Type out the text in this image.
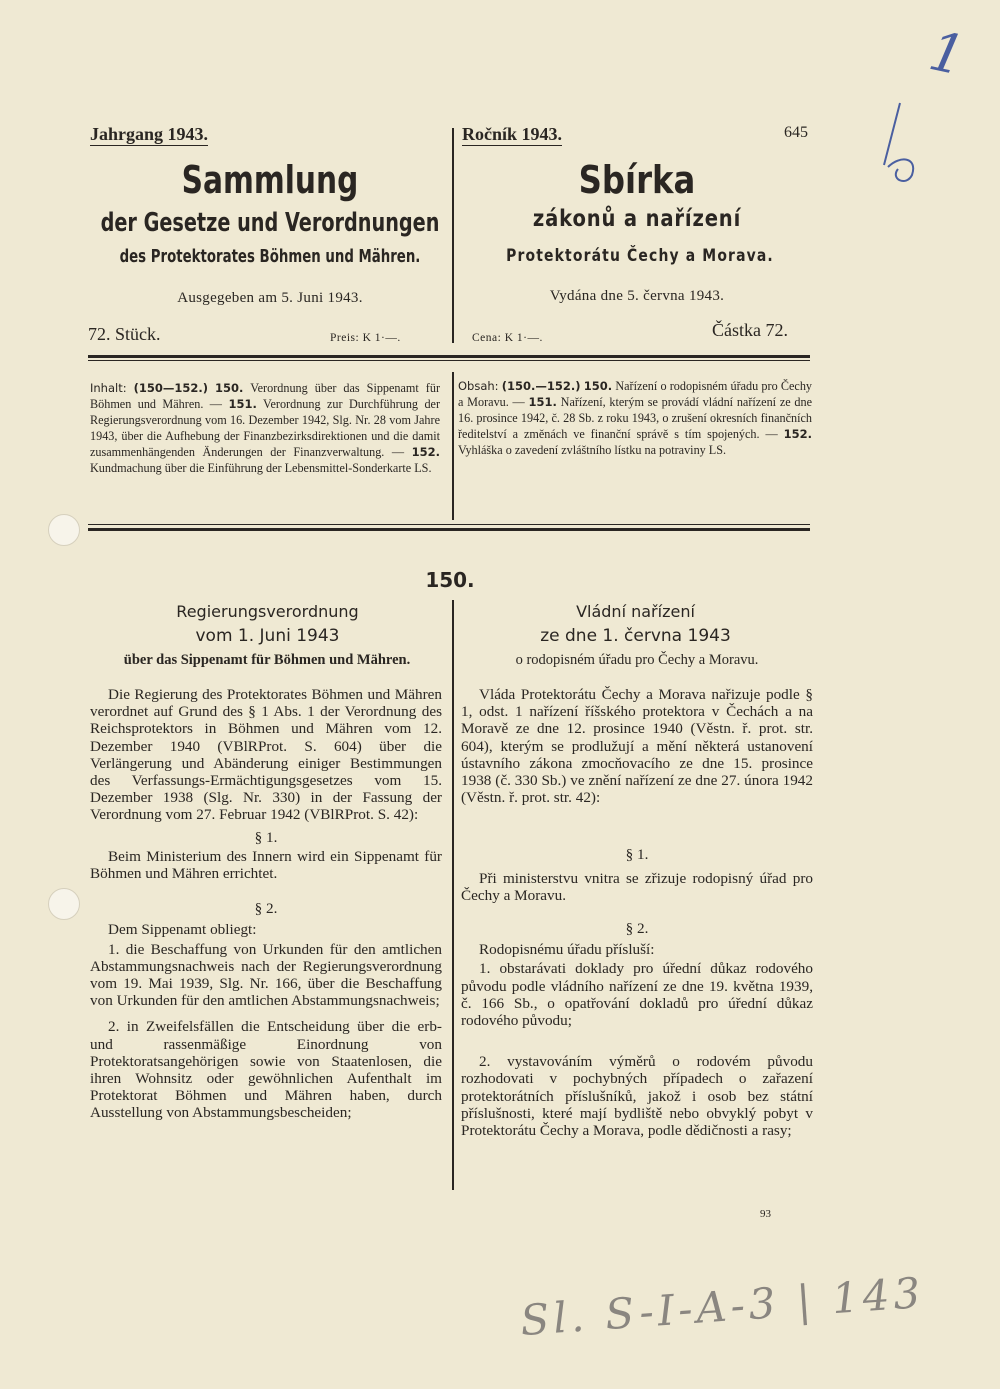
1
Jahrgang 1943.
Sammlung
der Gesetze und Verordnungen
des Protektorates Böhmen und Mähren.
Ausgegeben am 5. Juni 1943.
72. Stück.	Preis: K 1·—.
Ročník 1943.	645
Sbírka
zákonů a nařízení
Protektorátu Čechy a Morava.
Vydána dne 5. června 1943.
Cena: K 1·—.	Částka 72.
Inhalt: (150—152.) 150. Verordnung über das Sippenamt für Böhmen und Mähren. — 151. Verordnung zur Durchführung der Regierungsverordnung vom 16. Dezember 1942, Slg. Nr. 28 vom Jahre 1943, über die Aufhebung der Finanzbezirksdirektionen und die damit zusammenhängenden Änderungen der Finanzverwaltung. — 152. Kundmachung über die Einführung der Lebensmittel-Sonderkarte LS.
Obsah: (150.—152.) 150. Nařízení o rodopisném úřadu pro Čechy a Moravu. — 151. Nařízení, kterým se provádí vládní nařízení ze dne 16. prosince 1942, č. 28 Sb. z roku 1943, o zrušení okresních finančních ředitelství a změnách ve finanční správě s tím spojených. — 152. Vyhláška o zavedení zvláštního lístku na potraviny LS.
150.
Regierungsverordnung
vom 1. Juni 1943
über das Sippenamt für Böhmen und Mähren.

Die Regierung des Protektorates Böhmen und Mähren verordnet auf Grund des § 1 Abs. 1 der Verordnung des Reichsprotektors in Böhmen und Mähren vom 12. Dezember 1940 (VBlRProt. S. 604) über die Verlängerung und Abänderung einiger Bestimmungen des Verfassungs-Ermächtigungsgesetzes vom 15. Dezember 1938 (Slg. Nr. 330) in der Fassung der Verordnung vom 27. Februar 1942 (VBlRProt. S. 42):

§ 1.

Beim Ministerium des Innern wird ein Sippenamt für Böhmen und Mähren errichtet.

§ 2.

Dem Sippenamt obliegt:

1. die Beschaffung von Urkunden für den amtlichen Abstammungsnachweis nach der Regierungsverordnung vom 19. Mai 1939, Slg. Nr. 166, über die Beschaffung von Urkunden für den amtlichen Abstammungsnachweis;

2. in Zweifelsfällen die Entscheidung über die erb- und rassenmäßige Einordnung von Protektoratsangehörigen sowie von Staatenlosen, die ihren Wohnsitz oder gewöhnlichen Aufenthalt im Protektorat Böhmen und Mähren haben, durch Ausstellung von Abstammungsbescheiden;

Vládní nařízení
ze dne 1. června 1943
o rodopisném úřadu pro Čechy a Moravu.

Vláda Protektorátu Čechy a Morava nařizuje podle § 1, odst. 1 nařízení říšského protektora v Čechách a na Moravě ze dne 12. prosince 1940 (Věstn. ř. prot. str. 604), kterým se prodlužují a mění některá ustanovení ústavního zákona zmocňovacího ze dne 15. prosince 1938 (č. 330 Sb.) ve znění nařízení ze dne 27. února 1942 (Věstn. ř. prot. str. 42):

§ 1.

Při ministerstvu vnitra se zřizuje rodopisný úřad pro Čechy a Moravu.

§ 2.

Rodopisnému úřadu přísluší:

1. obstarávati doklady pro úřední důkaz rodového původu podle vládního nařízení ze dne 19. května 1939, č. 166 Sb., o opatřování dokladů pro úřední důkaz rodového původu;

2. vystavováním výměrů o rodovém původu rozhodovati v pochybných případech o zařazení protektorátních příslušníků, jakož i osob bez státní příslušnosti, které mají bydliště nebo obvyklý pobyt v Protektorátu Čechy a Morava, podle dědičnosti a rasy;

93
Sl. S-I-A-3 | 143
